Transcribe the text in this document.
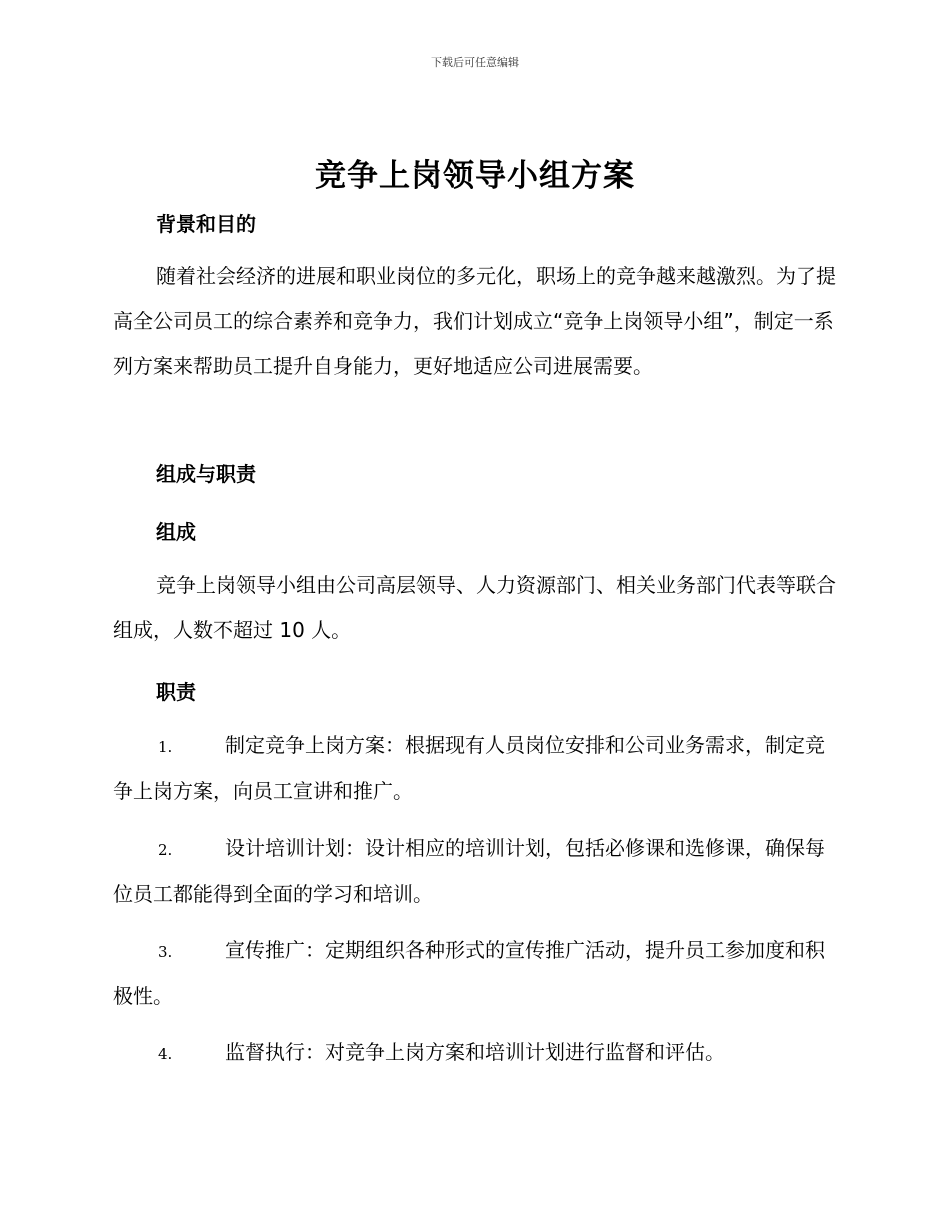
下载后可任意编辑
竞争上岗领导小组方案
背景和目的

随着社会经济的进展和职业岗位的多元化，职场上的竞争越来越激烈。为了提高全公司员工的综合素养和竞争力，我们计划成立“竞争上岗领导小组”，制定一系列方案来帮助员工提升自身能力，更好地适应公司进展需要。

组成与职责
组成

竞争上岗领导小组由公司高层领导、人力资源部门、相关业务部门代表等联合组成，人数不超过 10 人。

职责

1.	制定竞争上岗方案：根据现有人员岗位安排和公司业务需求，制定竞争上岗方案，向员工宣讲和推广。

2.	设计培训计划：设计相应的培训计划，包括必修课和选修课，确保每位员工都能得到全面的学习和培训。

3.	宣传推广：定期组织各种形式的宣传推广活动，提升员工参加度和积极性。

4.	监督执行：对竞争上岗方案和培训计划进行监督和评估。
